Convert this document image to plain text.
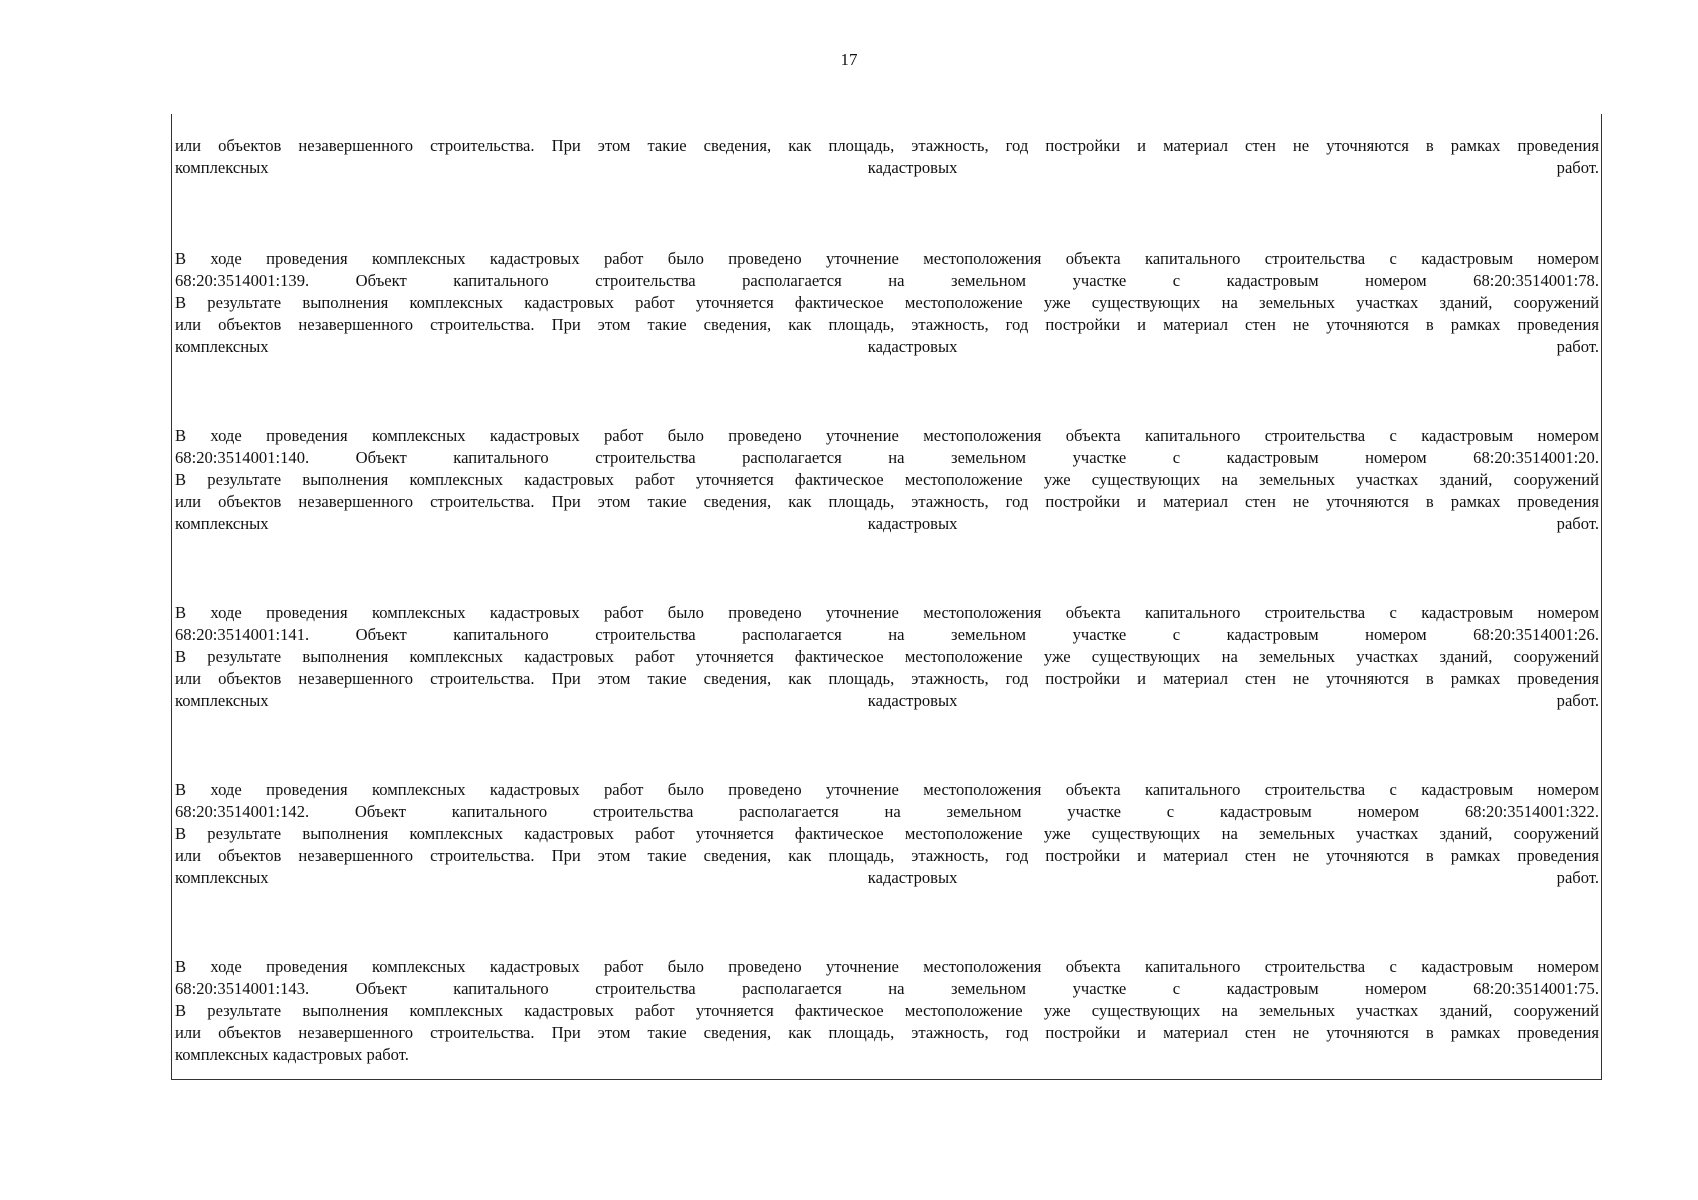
17
или объектов незавершенного строительства. При этом такие сведения, как площадь, этажность, год постройки и материал стен не уточняются в рамках проведения
комплексных кадастровых работ.
В ходе проведения комплексных кадастровых работ было проведено уточнение местоположения объекта капитального строительства с кадастровым номером
68:20:3514001:139. Объект капитального строительства располагается на земельном участке с кадастровым номером 68:20:3514001:78.
В результате выполнения комплексных кадастровых работ уточняется фактическое местоположение уже существующих на земельных участках зданий, сооружений
или объектов незавершенного строительства. При этом такие сведения, как площадь, этажность, год постройки и материал стен не уточняются в рамках проведения
комплексных кадастровых работ.
В ходе проведения комплексных кадастровых работ было проведено уточнение местоположения объекта капитального строительства с кадастровым номером
68:20:3514001:140. Объект капитального строительства располагается на земельном участке с кадастровым номером 68:20:3514001:20.
В результате выполнения комплексных кадастровых работ уточняется фактическое местоположение уже существующих на земельных участках зданий, сооружений
или объектов незавершенного строительства. При этом такие сведения, как площадь, этажность, год постройки и материал стен не уточняются в рамках проведения
комплексных кадастровых работ.
В ходе проведения комплексных кадастровых работ было проведено уточнение местоположения объекта капитального строительства с кадастровым номером
68:20:3514001:141. Объект капитального строительства располагается на земельном участке с кадастровым номером 68:20:3514001:26.
В результате выполнения комплексных кадастровых работ уточняется фактическое местоположение уже существующих на земельных участках зданий, сооружений
или объектов незавершенного строительства. При этом такие сведения, как площадь, этажность, год постройки и материал стен не уточняются в рамках проведения
комплексных кадастровых работ.
В ходе проведения комплексных кадастровых работ было проведено уточнение местоположения объекта капитального строительства с кадастровым номером
68:20:3514001:142. Объект капитального строительства располагается на земельном участке с кадастровым номером 68:20:3514001:322.
В результате выполнения комплексных кадастровых работ уточняется фактическое местоположение уже существующих на земельных участках зданий, сооружений
или объектов незавершенного строительства. При этом такие сведения, как площадь, этажность, год постройки и материал стен не уточняются в рамках проведения
комплексных кадастровых работ.
В ходе проведения комплексных кадастровых работ было проведено уточнение местоположения объекта капитального строительства с кадастровым номером
68:20:3514001:143. Объект капитального строительства располагается на земельном участке с кадастровым номером 68:20:3514001:75.
В результате выполнения комплексных кадастровых работ уточняется фактическое местоположение уже существующих на земельных участках зданий, сооружений
или объектов незавершенного строительства. При этом такие сведения, как площадь, этажность, год постройки и материал стен не уточняются в рамках проведения
комплексных кадастровых работ.
